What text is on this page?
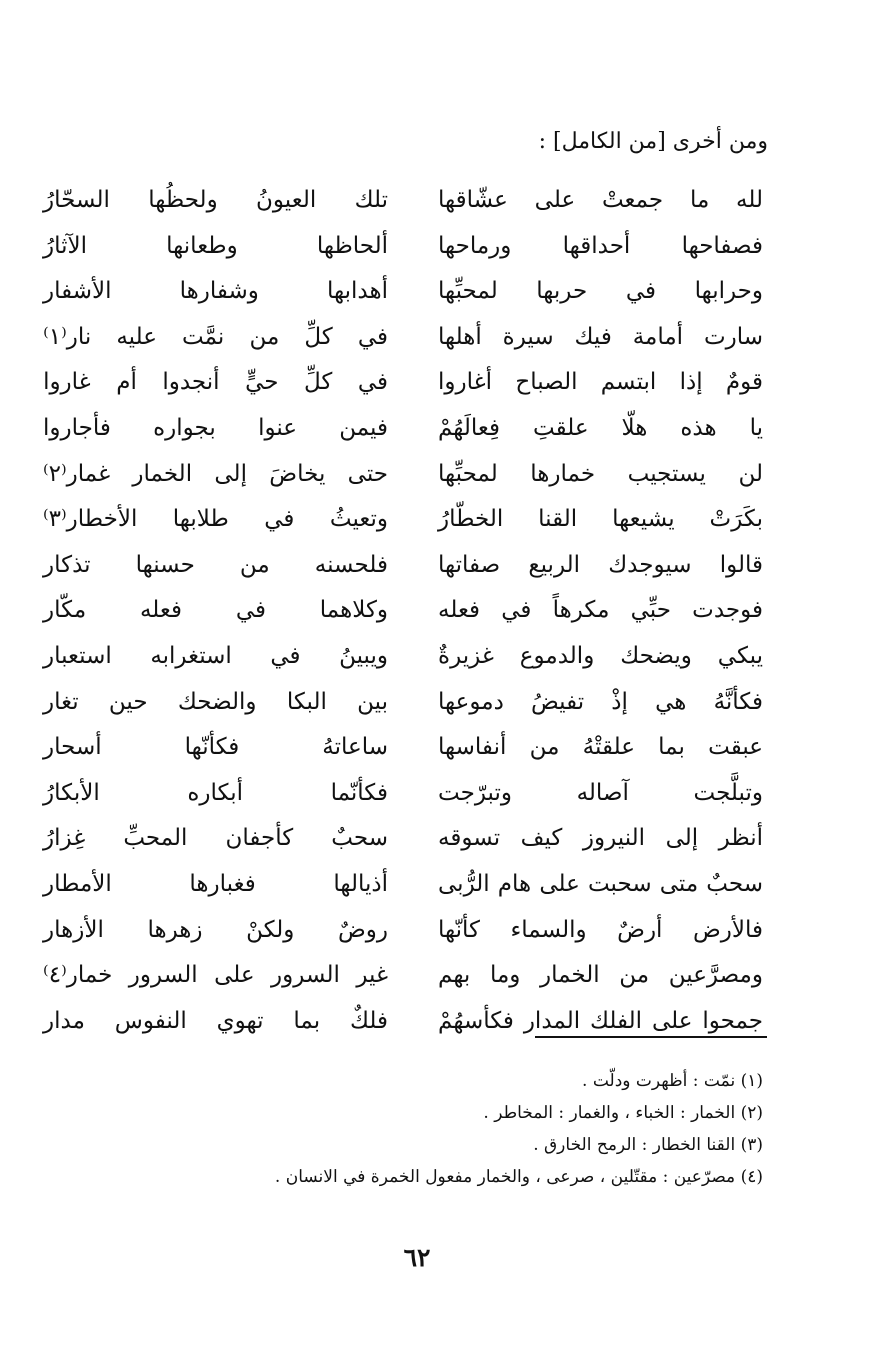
ومن أخرى [من الكامل] :
لله
ما
جمعتْ
على
عشّاقها
تلك
العيونُ
ولحظُها
السحّارُ
فصفاحها
أحداقها
ورماحها
ألحاظها
وطعانها
الآثارُ
وحرابها
في
حربها
لمحبِّها
أهدابها
وشفارها
الأشفار
سارت
أمامة
فيك
سيرة
أهلها
في
كلِّ
من
نمَّت
عليه
نار⁽١⁾
قومٌ
إذا
ابتسم
الصباح
أغاروا
في
كلِّ
حيٍّ
أنجدوا
أم
غاروا
يا
هذه
هلّا
علقتِ
فِعالَهُمْ
فيمن
عنوا
بجواره
فأجاروا
لن
يستجيب
خمارها
لمحبِّها
حتى
يخاضَ
إلى
الخمار
غمار⁽٢⁾
بكَرَتْ
يشيعها
القنا
الخطّارُ
وتعيثُ
في
طلابها
الأخطار⁽٣⁾
قالوا
سيوجدك
الربيع
صفاتها
فلحسنه
من
حسنها
تذكار
فوجدت
حبِّي
مكرهاً
في
فعله
وكلاهما
في
فعله
مكّار
يبكي
ويضحك
والدموع
غزيرةٌ
ويبينُ
في
استغرابه
استعبار
فكأنَّهُ
هي
إذْ
تفيضُ
دموعها
بين
البكا
والضحك
حين
تغار
عبقت
بما
علقتْهُ
من
أنفاسها
ساعاتهُ
فكأنّها
أسحار
وتبلَّجت
آصاله
وتبرّجت
فكأنّما
أبكاره
الأبكارُ
أنظر
إلى
النيروز
كيف
تسوقه
سحبٌ
كأجفان
المحبِّ
غِزارُ
سحبٌ
متى
سحبت
على
هام
الرُّبى
أذيالها
فغبارها
الأمطار
فالأرض
أرضٌ
والسماء
كأنّها
روضٌ
ولكنْ
زهرها
الأزهار
ومصرَّعين
من
الخمار
وما
بهم
غير
السرور
على
السرور
خمار⁽٤⁾
جمحوا
على
الفلك
المدار
فكأسهُمْ
فلكٌ
بما
تهوي
النفوس
مدار
(١) نمّت : أظهرت ودلّت .
(٢) الخمار : الخباء ، والغمار : المخاطر .
(٣) القنا الخطار : الرمح الخارق .
(٤) مصرّعين : مقتّلين ، صرعى ، والخمار مفعول الخمرة في الانسان .
٦٢
